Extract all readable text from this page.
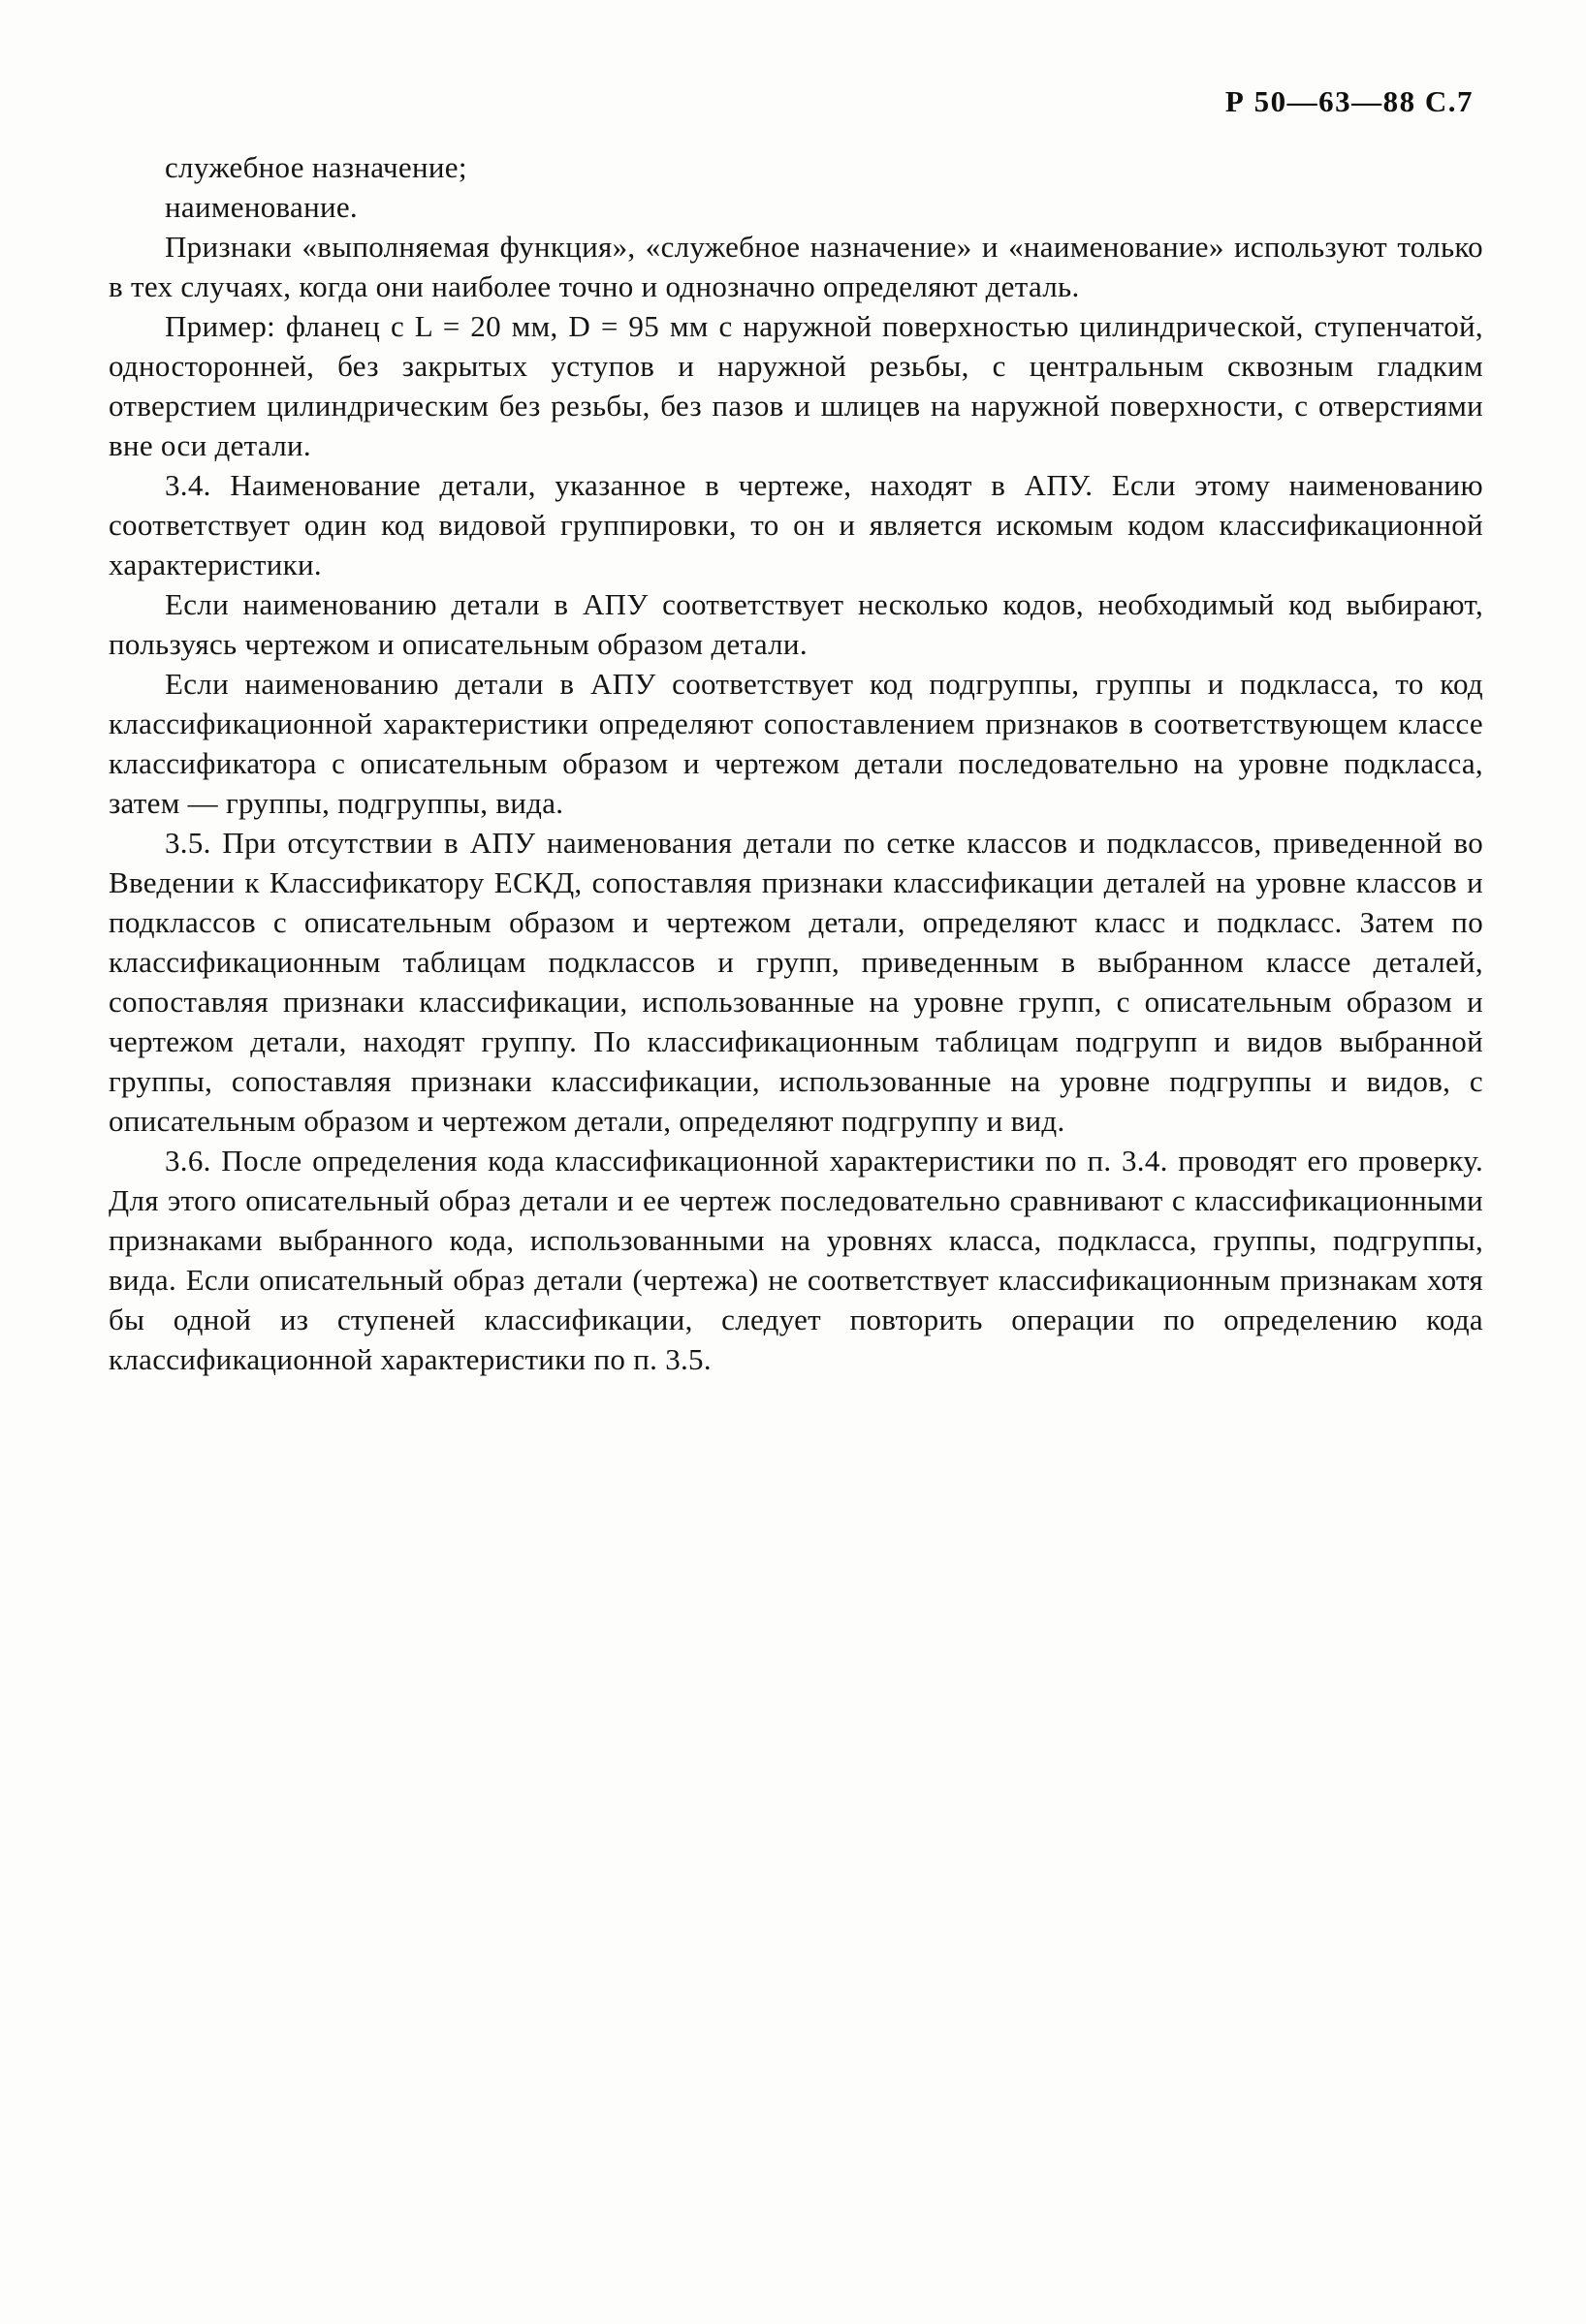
Р 50—63—88 С.7

служебное назначение;

наименование.

Признаки «выполняемая функция», «служебное назначение» и «наименование» используют только в тех случаях, когда они наиболее точно и однозначно определяют деталь.

Пример: фланец с L = 20 мм, D = 95 мм с наружной поверхностью цилиндрической, ступенчатой, односторонней, без закрытых уступов и наружной резьбы, с центральным сквозным гладким отверстием цилиндрическим без резьбы, без пазов и шлицев на наружной поверхности, с отверстиями вне оси детали.

3.4. Наименование детали, указанное в чертеже, находят в АПУ. Если этому наименованию соответствует один код видовой группировки, то он и является искомым кодом классификационной характеристики.

Если наименованию детали в АПУ соответствует несколько кодов, необходимый код выбирают, пользуясь чертежом и описательным образом детали.

Если наименованию детали в АПУ соответствует код подгруппы, группы и подкласса, то код классификационной характеристики определяют сопоставлением признаков в соответствующем классе классификатора с описательным образом и чертежом детали последовательно на уровне подкласса, затем — группы, подгруппы, вида.

3.5. При отсутствии в АПУ наименования детали по сетке классов и подклассов, приведенной во Введении к Классификатору ЕСКД, сопоставляя признаки классификации деталей на уровне классов и подклассов с описательным образом и чертежом детали, определяют класс и подкласс. Затем по классификационным таблицам подклассов и групп, приведенным в выбранном классе деталей, сопоставляя признаки классификации, использованные на уровне групп, с описательным образом и чертежом детали, находят группу. По классификационным таблицам подгрупп и видов выбранной группы, сопоставляя признаки классификации, использованные на уровне подгруппы и видов, с описательным образом и чертежом детали, определяют подгруппу и вид.

3.6. После определения кода классификационной характеристики по п. 3.4. проводят его проверку. Для этого описательный образ детали и ее чертеж последовательно сравнивают с классификационными признаками выбранного кода, использованными на уровнях класса, подкласса, группы, подгруппы, вида. Если описательный образ детали (чертежа) не соответствует классификационным признакам хотя бы одной из ступеней классификации, следует повторить операции по определению кода классификационной характеристики по п. 3.5.
